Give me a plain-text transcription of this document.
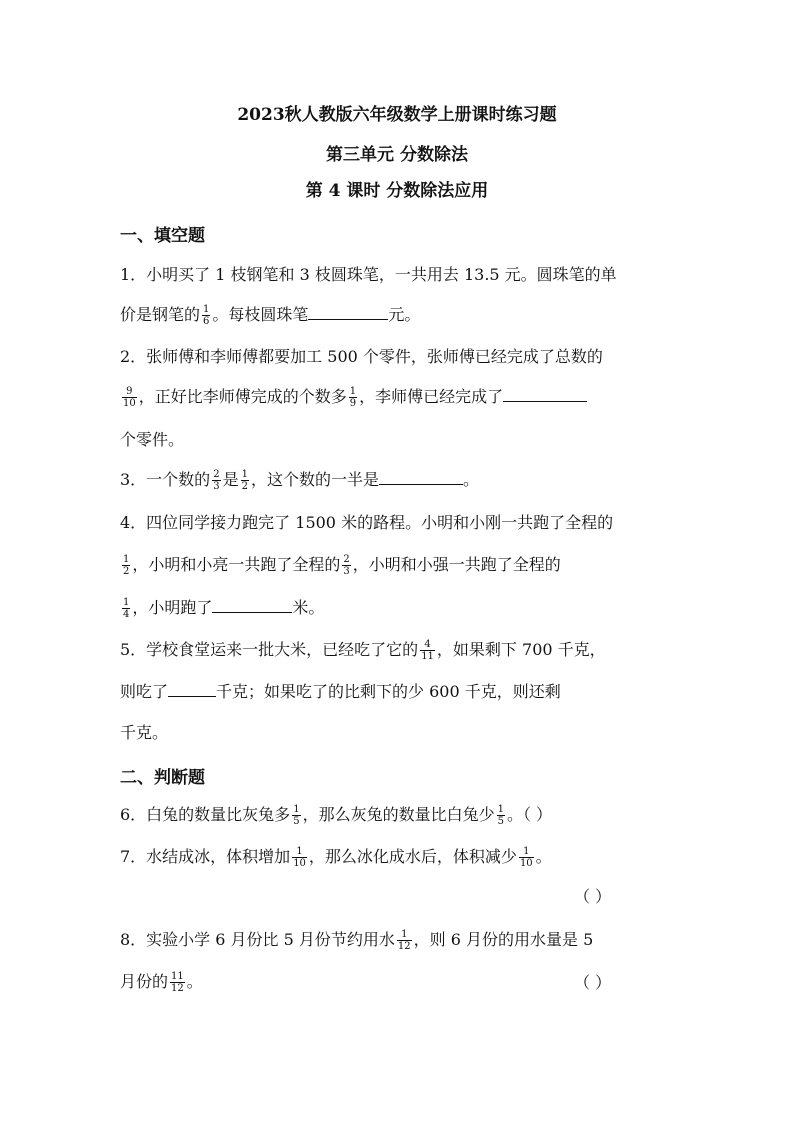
2023秋人教版六年级数学上册课时练习题
第三单元 分数除法
第 4 课时 分数除法应用
一、填空题
1．小明买了 1 枝钢笔和 3 枝圆珠笔，一共用去 13.5 元。圆珠笔的单
价是钢笔的 $\frac{1}{6}$ 。每枝圆珠笔	元。
2．张师傅和李师傅都要加工 500 个零件，张师傅已经完成了总数的
$\frac{9}{10}$ ，正好比李师傅完成的个数多 $\frac{1}{9}$ ，李师傅已经完成了
个零件。
3．一个数的 $\frac{2}{3}$ 是 $\frac{1}{2}$ ，这个数的一半是	。
4．四位同学接力跑完了 1500 米的路程。小明和小刚一共跑了全程的
$\frac{1}{2}$ ，小明和小亮一共跑了全程的 $\frac{2}{3}$ ，小明和小强一共跑了全程的
$\frac{1}{4}$ ，小明跑了	米。
5．学校食堂运来一批大米，已经吃了它的 $\frac{4}{11}$ ，如果剩下 700 千克，
则吃了	千克；如果吃了的比剩下的少 600 千克，则还剩
千克。
二、判断题
6．白兔的数量比灰兔多 $\frac{1}{5}$ ，那么灰兔的数量比白兔少 $\frac{1}{5}$ 。（ ）
7．水结成冰，体积增加 $\frac{1}{10}$ ，那么冰化成水后，体积减少 $\frac{1}{10}$ 。
（ ）
8．实验小学 6 月份比 5 月份节约用水 $\frac{1}{12}$ ，则 6 月份的用水量是 5
月份的 $\frac{11}{12}$ 。	（ ）
